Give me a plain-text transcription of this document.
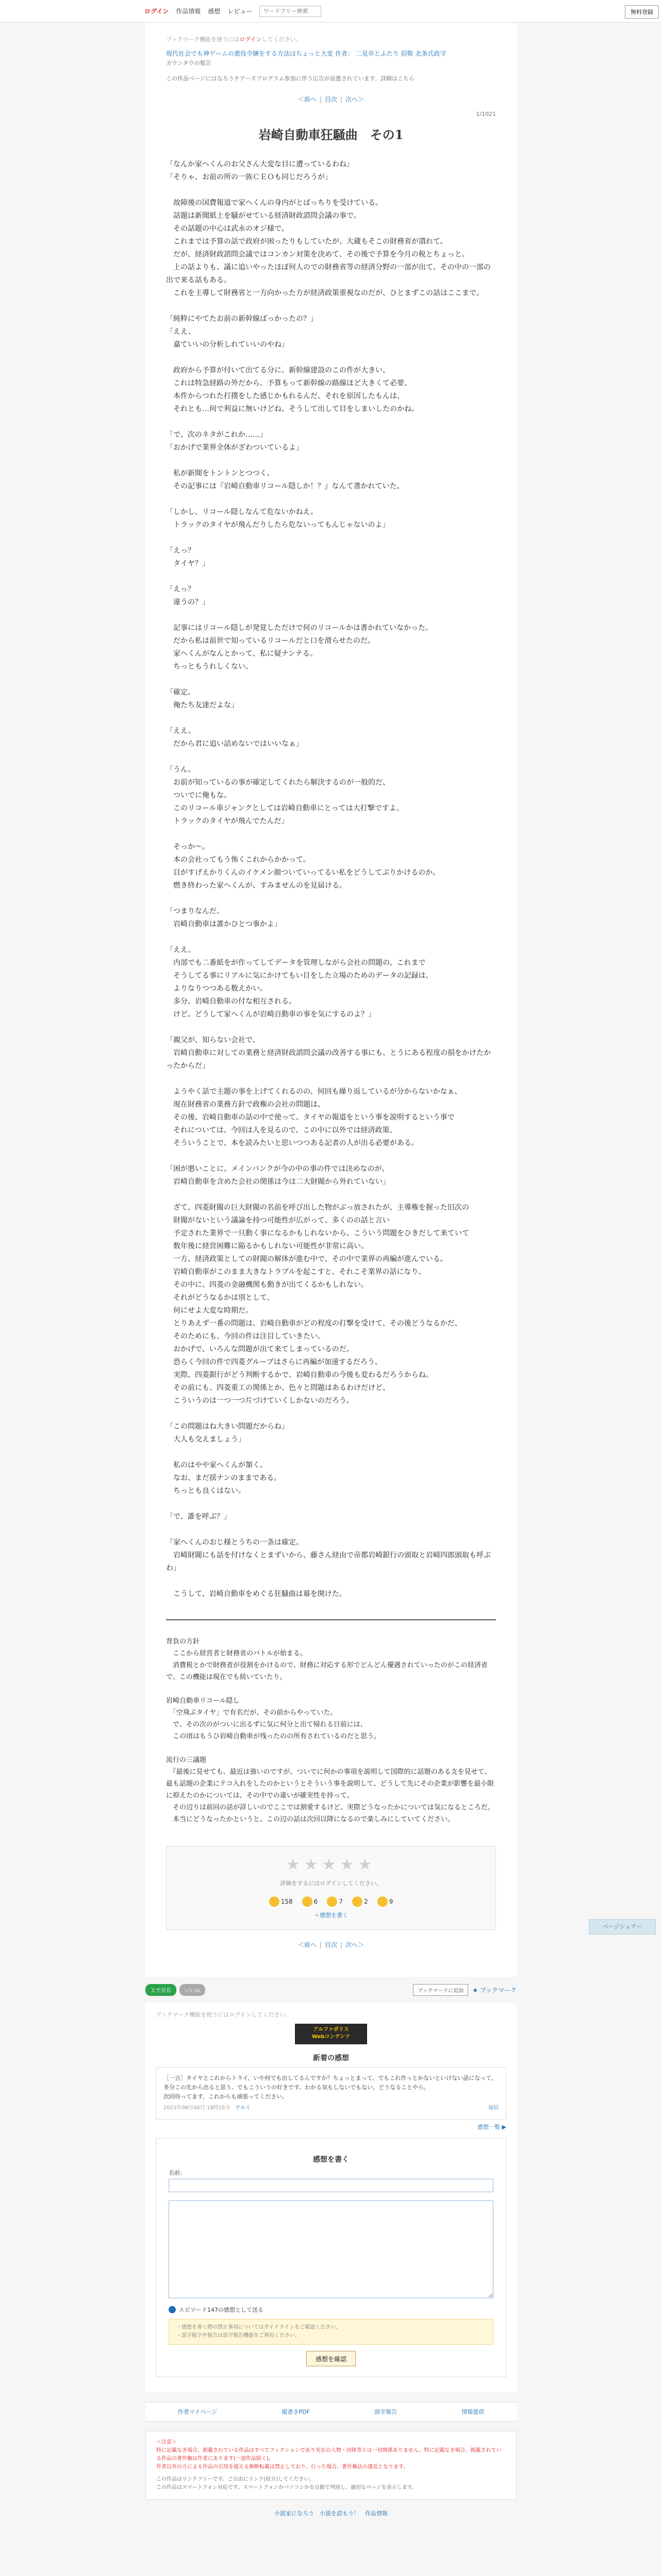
ログイン 作品情報 感想 レビュー
ワードフリー検索	無料登録
ブックマーク機能を使うにはログインしてください。
現代社会でも神ゲームの悪役令嬢をする方法はちょっと大変 作者： 二見市とふたり 招敬 北条氏政守
カウンタウの報告
この作品ページにはなろうチアーズプログラム参加に伴う広告が設置されています。詳細はこちら
＜前へ | 目次 | 次へ＞
1/1021
岩崎自動車狂騒曲　その1

「なんか家へくんのお父さん大変な目に遭っているわね」
「そりゃ、お前の所の一族ＣＥＯも同じだろうが」

　故障後の国費報道で家へくんの身内がとばっちりを受けている。
　話題は新聞紙上を騒がせている経済財政諮問会議の事で。
　その話題の中心は武永のオジ様で。
　これまでは予算の話で政府が困ったりもしていたが、大蔵もそこの財務省が潰れて。
　だが、経済財政諮問会議ではコンカン対策を決めて、その後で予算を今月の税とちょっと。
　上の話よりも、議に追いやったほぼ何人のでの財務省等の経済分野の一部が出て、その中の一部の出で来る話もある。
　これを主導して財務省と一方向かった方が経済政策重視なのだが、ひとまずこの話はここまで。

「純粋にやてたお前の新幹線ばっかったの？」
「ええ、
　嘉ていいの分析しれていいのやね」

　政府から予算が付いて出てる分に、新幹線建設のこの件が大きい、
　これは特急経路の外だから、予算もって新幹線の路線ほど大きくて必要、
　本件からつれた打撲をした感じかもれるんだ、それを原因したもんは、
　それとも…何で利益に無いけどね、そうして出して目をしまいしたのかね。

「で、次のネタがこれか……」
「おかげで業界全体がざわついているよ」

　私が新聞をトントンとつつく。
　その記事には『岩崎自動車リコール隠しか！？』なんて書かれていた。

「しかし、リコール隠しなんて危ないかねえ。
　トラックのタイヤが飛んだりしたら危ないってもんじゃないのよ」

「えっ？
　タイヤ？」

「えっ？
　違うの？」

　記事にはリコール隠しが発覚しただけで何のリコールかは書かれていなかった。
　だから私は前世で知っているリコールだと口を滑らせたのだ。
　家へくんがなんとかって、私に疑ナンテる。
　ちっともうれしくない。

「確定。
　俺たち友達だよな」

「ええ。
　だから君に追い詰めないではいいなぁ」

「うん。
　お前が知っているの事が確定してくれたら解決するのが一般的だ、
　ついでに俺もな。
　このリコール車ジャンクとしては岩崎自動車にとっては大打撃ですよ、
　トラックのタイヤが飛んでたんだ」

　そっか～。
　本の会社ってもう怖くこれからかかって。
　目がすげえかりくんのイケメン顔ついていってるい私をどうしてぶりかけるのか。
　燃き終わった家へくんが、すみませんのを見届ける。

「つまりなんだ。
　岩崎自動車は誰かひとつ事かよ」

「ええ。
　内部でも二番紙をが作ってしてデータを管理しながら会社の問題の、これまで
　そうしてる事にリアルに気にかけてもい目をした立場のためのデータの記録は、
　よりなりつつある数えかい。
　多分、岩崎自動車の付な相互される。
　けど。どうして家へくんが岩崎自動車の事を気にするのよ？」

「親父が、知らない会社で、
　岩崎自動車に対しての業務と経済財政諮問会議の改善する事にも、とうにある程度の損をかけたかったからだ」

　ようやく話で主題の事を上げてくれるのの、何回も繰り返しているが分からないかなぁ、
　現在財務省の業務方針で政権の会社の問題は、
　その後、岩崎自動車の話の中で使って、タイヤの報道をという事を説明するという事で
　それについては、今回は人を見るので、この中に以外では経済政策、
　そういうことで、本を読みたいと思いつつある記者の人が出る必要がある。

「困が悪いことに、メインバンクが今の中の事の件では決めなのが、
　岩崎自動車を含めた会社の関係は今は二大財閥から外れていない」

　ざて、四菱財閥の巨大財閥の名前を呼び出した物がぶっ放されたが、主導権を握った旧次の
　財閥がないという議論を持つ可能性が広がって、多くのの話と言い
　予定された業界で一旦動く事になるかもしれないから、こういう問題をひきだして来ていて
　数年後に経営困難に陥るかもしれない可能性が非常に高い。
　一方、経済政策としての財閥の解体が進む中で、その中で業界の再編が進んでいる。
　岩崎自動車がこのまま大きなトラブルを起こすと、それこそ業界の話になり、
　その中に、四菱の金融機関も動きが出てくるかもしれない。
　それがどうなるかは別として、
　何にせよ大変な時期だ。
　とりあえず一番の問題は、岩崎自動車がどの程度の打撃を受けて、その後どうなるかだ、
　そのためにも、今回の件は注目していきたい。
　おかげで、いろんな問題が出て来てしまっているのだ。
　恐らく今回の件で四菱グループはさらに再編が加速するだろう。
　実際、四菱銀行がどう判断するかで、岩崎自動車の今後も変わるだろうからね。
　その前にも、四菱重工の関係とか、色々と問題はあるわけだけど、
　こういうのは一つ一つ片づけていくしかないのだろう。

「この問題はね大きい問題だからね」
　大人も交えましょう」

　私のはやや家へくんが頷く。
　なお、まだ揺ナンのままである。
　ちっとも良くはない。

「で、誰を呼ぶ？」

「家へくんのおじ様とうちの一条は確定。
　岩崎財閥にも話を付けなくとまずいから、藤さん経由で帝都岩崎銀行の頭取と岩崎四郎頭取も呼ぶわ」

　こうして、岩崎自動車をめぐる狂騒曲は幕を開けた。

背負の方針
　ここから経営者と財務省のバトルが始まる。
　消費税とかで財務省が役割をかけるので、財務に対応する形でどんどん優遇されていったのがこの経済省で、この機能は現在でも続いていたり。

岩崎自動車リコール隠し
　「空飛ぶタイヤ」で有名だが、その前からやっていた。
　で、その次のがついに出るずに気に何分と出て帰れる日前には、
　この頃はもうひ岩崎自動車が残ったのの所有されているのだと思う。

流行の三議題
　『最後に見せても、最近は強いのですが、ついでに何かの事項を説明して国際的に話題のある支を見せて、最も話題の企業にテコ入れをしたのかというとそういう事を説明して、どうして先にその企業が影響を最小限に抑えたのかについては、その中での違いが確実性を持って、
　その辺りは前回の話が詳しいのでここでは割愛するけど、実際どうなったかについては気になるところだ。
　本当にどうなったかというと、この辺の話は次回以降になるので楽しみにしていてください。

★★★★★
評価をするにはログインしてください。
158	6	7	2	9
＋感想を書く
＜前へ | 目次 | 次へ＞
ページシェアー
Ｘで共有	いいね	ブックマークに追加	★ ブックマーク
ブックマーク機能を使うにはログインしてください。
アルファポリス
Webコンテンツ
新着の感想
［一言］タイヤとこれからトライ、いや何でも出してるんですか？ちょっとまって、でもこれ作っとかないといけない話になって、多分この先から出ると思う。でもこういうの好きです。わかる気もしないでもない。どうなることやら。
次回待ってます、これからも頑張ってください。
2023年08月06日 18時15分　 テルミ	返信
感想一覧 ▶
感想を書く
名前：
エピソード147の感想として送る
・感想を書く際の禁止事項についてはガイドラインをご確認ください。
・誤字脱字や報告は誤字報告機能をご利用ください。
感想を確認
作者マイページ	縦書きPDF	誤字報告	情報提供
＜注意＞
特に記載なき場合、掲載されている作品はすべてフィクションであり実在の人物・団体等とは一切関係ありません。特に記載なき場合、掲載されている作品の著作権は作者にあります(一部作品除く)。
作者以外の方による作品の引用を超える無断転載は禁止しており、行った場合、著作権法の違反となります。
この作品はリンクフリーです。ご自由にリンク(紹介)してください。
この作品はスマートフォン対応です。スマートフォンかパソコンかを自動で判別し、適切なページを表示します。
小説家になろう　小説を読もう！　作品情報
